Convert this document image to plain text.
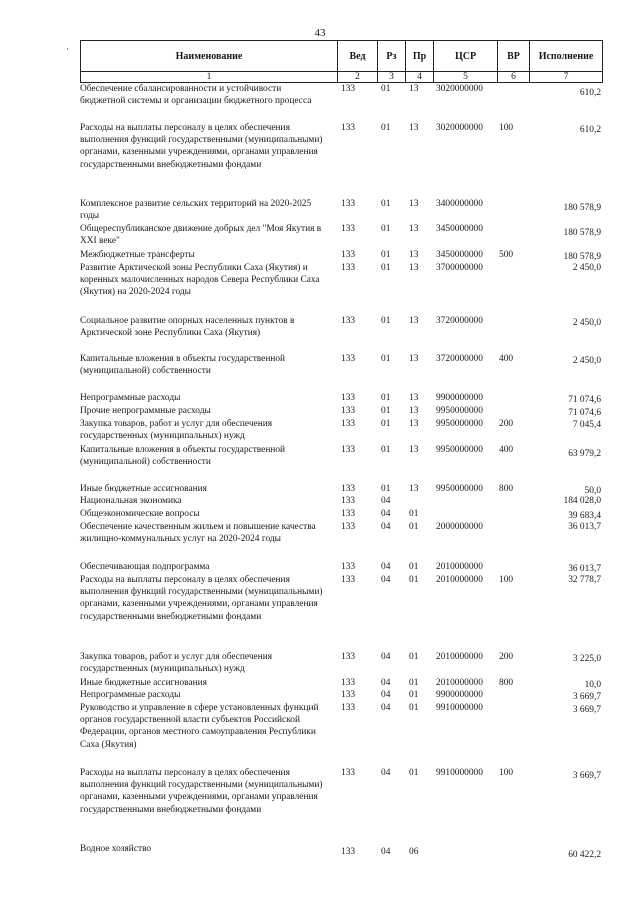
43
·
Наименование	Вед	Рз	Пр	ЦСР	ВР	Исполнение
1	2	3	4	5	6	7
Обеспечение сбалансированности и устойчивости бюджетной системы и организации бюджетного процесса
133	01 13 3020000000	610,2
Расходы на выплаты персоналу в целях обеспечения выполнения функций государственными (муниципальными) органами, казенными учреждениями, органами управления государственными внебюджетными фондами
133	01 13 3020000000 100	610,2
Комплексное развитие сельских территорий на 2020-2025 годы
133	01 13 3400000000	180 578,9
Общереспубликанское движение добрых дел "Моя Якутия в XXI веке"
133	01 13 3450000000	180 578,9
Межбюджетные трансферты	133	01 13 3450000000 500	180 578,9
Развитие Арктической зоны Республики Саха (Якутия) и коренных малочисленных народов Севера Республики Саха (Якутия) на 2020-2024 годы
133	01 13 3700000000	2 450,0
Социальное развитие опорных населенных пунктов в Арктической зоне Республики Саха (Якутия)
133	01 13 3720000000	2 450,0
Капитальные вложения в объекты государственной (муниципальной) собственности
133	01 13 3720000000 400	2 450,0
Непрограммные расходы	133	01 13 9900000000	71 074,6
Прочие непрограммные расходы	133	01 13 9950000000	71 074,6
Закупка товаров, работ и услуг для обеспечения государственных (муниципальных) нужд
133	01 13 9950000000 200	7 045,4
Капитальные вложения в объекты государственной (муниципальной) собственности
133	01 13 9950000000 400	63 979,2
Иные бюджетные ассигнования	133	01 13 9950000000 800	50,0
Национальная экономика	133	04	184 028,0
Общеэкономические вопросы	133	04 01	39 683,4
Обеспечение качественным жильем и повышение качества жилищно-коммунальных услуг на 2020-2024 годы
133	04 01 2000000000	36 013,7
Обеспечивающая подпрограмма	133	04 01 2010000000	36 013,7
Расходы на выплаты персоналу в целях обеспечения выполнения функций государственными (муниципальными) органами, казенными учреждениями, органами управления государственными внебюджетными фондами
133	04 01 2010000000 100	32 778,7
Закупка товаров, работ и услуг для обеспечения государственных (муниципальных) нужд
133	04 01 2010000000 200	3 225,0
Иные бюджетные ассигнования	133	04 01 2010000000 800	10,0
Непрограммные расходы	133	04 01 9900000000	3 669,7
Руководство и управление в сфере установленных функций органов государственной власти субъектов Российской Федерации, органов местного самоуправления Республики Саха (Якутия)
133	04 01 9910000000	3 669,7
Расходы на выплаты персоналу в целях обеспечения выполнения функций государственными (муниципальными) органами, казенными учреждениями, органами управления государственными внебюджетными фондами
133	04 01 9910000000 100	3 669,7
Водное хозяйство	133	04 06	60 422,2
